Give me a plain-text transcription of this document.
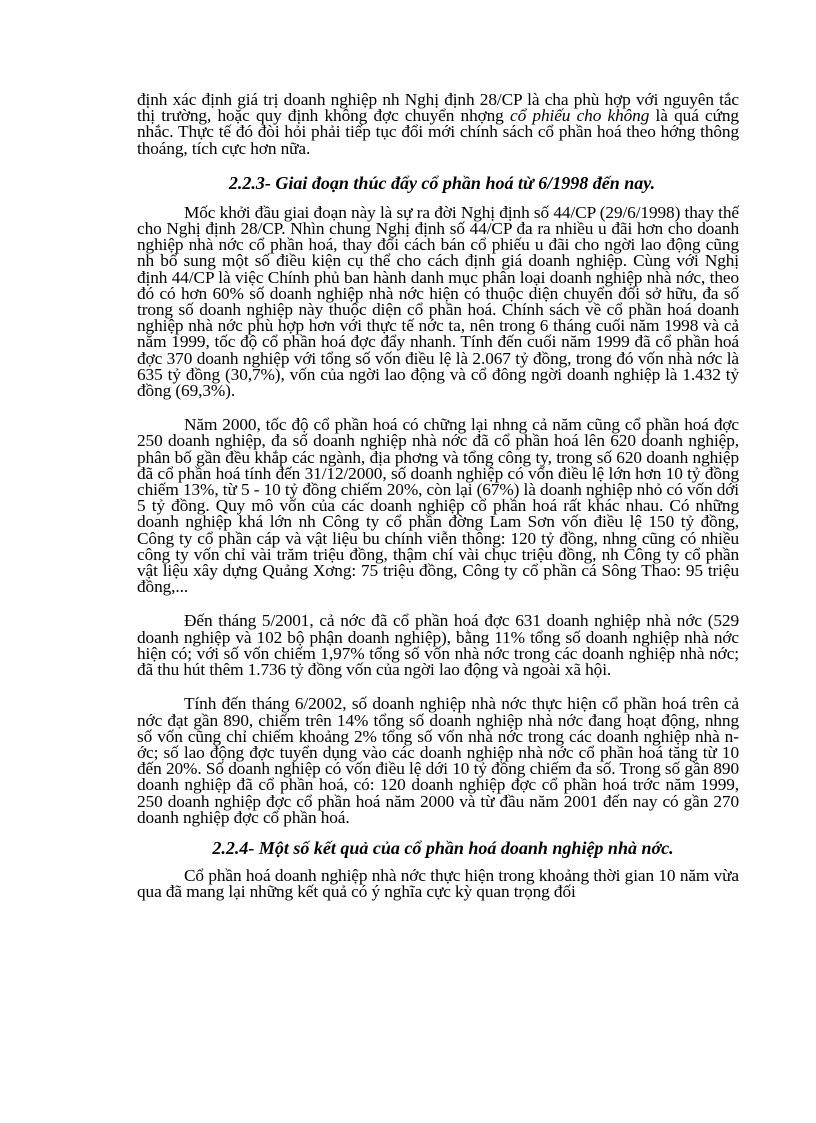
định xác định giá trị doanh nghiệp nh Nghị định 28/CP là cha phù hợp với nguyên tắc thị trường, hoặc quy định không đợc chuyển nhợng cổ phiếu cho không là quá cứng nhắc. Thực tế đó đòi hỏi phải tiếp tục đổi mới chính sách cổ phần hoá theo hớng thông thoáng, tích cực hơn nữa.

2.2.3- Giai đoạn thúc đẩy cổ phần hoá từ 6/1998 đến nay.

Mốc khởi đầu giai đoạn này là sự ra đời Nghị định số 44/CP (29/6/1998) thay thế cho Nghị định 28/CP. Nhìn chung Nghị định số 44/CP đa ra nhiều u đãi hơn cho doanh nghiệp nhà nớc cổ phần hoá, thay đổi cách bán cổ phiếu u đãi cho ngời lao động cũng nh bổ sung một số điều kiện cụ thể cho cách định giá doanh nghiệp. Cùng với Nghị định 44/CP là việc Chính phủ ban hành danh mục phân loại doanh nghiệp nhà nớc, theo đó có hơn 60% số doanh nghiệp nhà nớc hiện có thuộc diện chuyển đổi sở hữu, đa số trong số doanh nghiệp này thuộc diện cổ phần hoá. Chính sách về cổ phần hoá doanh nghiệp nhà nớc phù hợp hơn với thực tế nớc ta, nên trong 6 tháng cuối năm 1998 và cả năm 1999, tốc độ cổ phần hoá đợc đẩy nhanh. Tính đến cuối năm 1999 đã cổ phần hoá đợc 370 doanh nghiệp với tổng số vốn điều lệ là 2.067 tỷ đồng, trong đó vốn nhà nớc là 635 tỷ đồng (30,7%), vốn của ngời lao động và cổ đông ngời doanh nghiệp là 1.432 tỷ đồng (69,3%).

Năm 2000, tốc độ cổ phần hoá có chững lại nhng cả năm cũng cổ phần hoá đợc 250 doanh nghiệp, đa số doanh nghiệp nhà nớc đã cổ phần hoá lên 620 doanh nghiệp, phân bố gần đều khắp các ngành, địa phơng và tổng công ty, trong số 620 doanh nghiệp đã cổ phần hoá tính đến 31/12/2000, số doanh nghiệp có vốn điều lệ lớn hơn 10 tỷ đồng chiếm 13%, từ 5 - 10 tỷ đồng chiếm 20%, còn lại (67%) là doanh nghiệp nhỏ có vốn dới 5 tỷ đồng. Quy mô vốn của các doanh nghiệp cổ phần hoá rất khác nhau. Có những doanh nghiệp khá lớn nh Công ty cổ phần đờng Lam Sơn vốn điều lệ 150 tỷ đồng, Công ty cổ phần cáp và vật liệu bu chính viễn thông: 120 tỷ đồng, nhng cũng có nhiều công ty vốn chỉ vài trăm triệu đồng, thậm chí vài chục triệu đồng, nh Công ty cổ phần vật liệu xây dựng Quảng Xơng: 75 triệu đồng, Công ty cổ phần cá Sông Thao: 95 triệu đồng,...

Đến tháng 5/2001, cả nớc đã cổ phần hoá đợc 631 doanh nghiệp nhà nớc (529 doanh nghiệp và 102 bộ phận doanh nghiệp), bằng 11% tổng số doanh nghiệp nhà nớc hiện có; với số vốn chiếm 1,97% tổng số vốn nhà nớc trong các doanh nghiệp nhà nớc; đã thu hút thêm 1.736 tỷ đồng vốn của ngời lao động và ngoài xã hội.

Tính đến tháng 6/2002, số doanh nghiệp nhà nớc thực hiện cổ phần hoá trên cả nớc đạt gần 890, chiếm trên 14% tổng số doanh nghiệp nhà nớc đang hoạt động, nhng số vốn cũng chỉ chiếm khoảng 2% tổng số vốn nhà nớc trong các doanh nghiệp nhà nớc; số lao động đợc tuyển dụng vào các doanh nghiệp nhà nớc cổ phần hoá tăng từ 10 đến 20%. Số doanh nghiệp có vốn điều lệ dới 10 tỷ đồng chiếm đa số. Trong số gần 890 doanh nghiệp đã cổ phần hoá, có: 120 doanh nghiệp đợc cổ phần hoá trớc năm 1999, 250 doanh nghiệp đợc cổ phần hoá năm 2000 và từ đầu năm 2001 đến nay có gần 270 doanh nghiệp đợc cổ phần hoá.

2.2.4- Một số kết quả của cổ phần hoá doanh nghiệp nhà nớc.

Cổ phần hoá doanh nghiệp nhà nớc thực hiện trong khoảng thời gian 10 năm vừa qua đã mang lại những kết quả có ý nghĩa cực kỳ quan trọng đối
